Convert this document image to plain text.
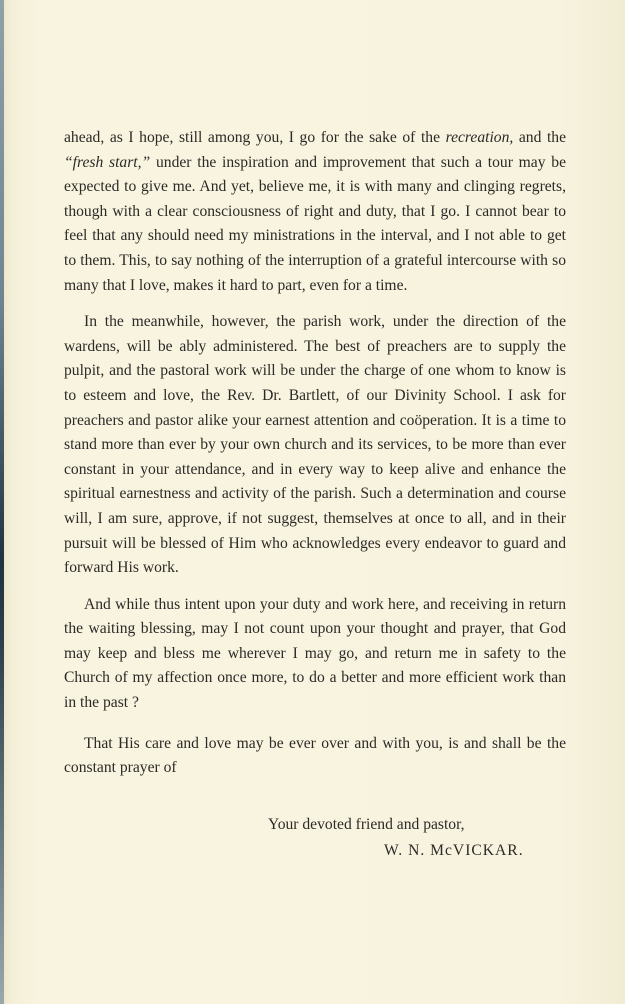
ahead, as I hope, still among you, I go for the sake of the recreation, and the “fresh start,” under the inspiration and improvement that such a tour may be expected to give me. And yet, believe me, it is with many and clinging regrets, though with a clear consciousness of right and duty, that I go. I cannot bear to feel that any should need my ministrations in the interval, and I not able to get to them. This, to say nothing of the interruption of a grateful intercourse with so many that I love, makes it hard to part, even for a time.

In the meanwhile, however, the parish work, under the direction of the wardens, will be ably administered. The best of preachers are to supply the pulpit, and the pastoral work will be under the charge of one whom to know is to esteem and love, the Rev. Dr. Bartlett, of our Divinity School. I ask for preachers and pastor alike your earnest attention and coöperation. It is a time to stand more than ever by your own church and its services, to be more than ever constant in your attendance, and in every way to keep alive and enhance the spiritual earnestness and activity of the parish. Such a determination and course will, I am sure, approve, if not suggest, themselves at once to all, and in their pursuit will be blessed of Him who acknowledges every endeavor to guard and forward His work.

And while thus intent upon your duty and work here, and receiving in return the waiting blessing, may I not count upon your thought and prayer, that God may keep and bless me wherever I may go, and return me in safety to the Church of my affection once more, to do a better and more efficient work than in the past ?

That His care and love may be ever over and with you, is and shall be the constant prayer of

Your devoted friend and pastor,
W. N. McVICKAR.
